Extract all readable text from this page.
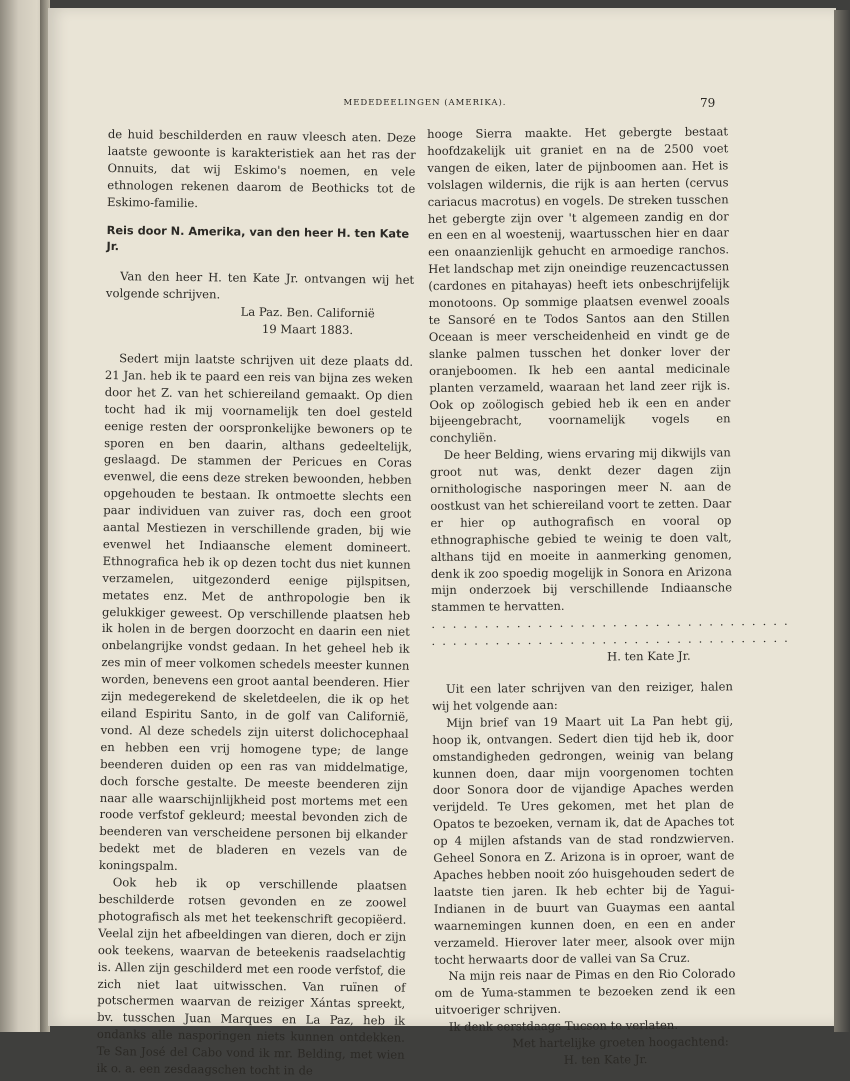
MEDEDEELINGEN (AMERIKA).	79

de huid beschilderden en rauw vleesch aten. Deze laatste gewoonte is karakteristiek aan het ras der Onnuits, dat wij Eskimo's noemen, en vele ethnologen rekenen daarom de Beothicks tot de Eskimo-familie.

Reis door N. Amerika, van den heer H. ten Kate Jr.

Van den heer H. ten Kate Jr. ontvangen wij het volgende schrijven.

La Paz. Ben. Californië

19 Maart 1883.

Sedert mijn laatste schrijven uit deze plaats dd. 21 Jan. heb ik te paard een reis van bijna zes weken door het Z. van het schiereiland gemaakt. Op dien tocht had ik mij voornamelijk ten doel gesteld eenige resten der oorspronkelijke bewoners op te sporen en ben daarin, althans gedeeltelijk, geslaagd. De stammen der Pericues en Coras evenwel, die eens deze streken bewoonden, hebben opgehouden te bestaan. Ik ontmoette slechts een paar individuen van zuiver ras, doch een groot aantal Mestiezen in verschillende graden, bij wie evenwel het Indiaansche element domineert. Ethnografica heb ik op dezen tocht dus niet kunnen verzamelen, uitgezonderd eenige pijlspitsen, metates enz. Met de anthropologie ben ik gelukkiger geweest. Op verschillende plaatsen heb ik holen in de bergen doorzocht en daarin een niet onbelangrijke vondst gedaan. In het geheel heb ik zes min of meer volkomen schedels meester kunnen worden, benevens een groot aantal beenderen. Hier zijn medegerekend de skeletdeelen, die ik op het eiland Espiritu Santo, in de golf van Californië, vond. Al deze schedels zijn uiterst dolichocephaal en hebben een vrij homogene type; de lange beenderen duiden op een ras van middelmatige, doch forsche gestalte. De meeste beenderen zijn naar alle waarschijnlijkheid post mortems met een roode verfstof gekleurd; meestal bevonden zich de beenderen van verscheidene personen bij elkander bedekt met de bladeren en vezels van de koningspalm.

Ook heb ik op verschillende plaatsen beschilderde rotsen gevonden en ze zoowel photografisch als met het teekenschrift gecopiëerd. Veelal zijn het afbeeldingen van dieren, doch er zijn ook teekens, waarvan de beteekenis raadselachtig is. Allen zijn geschilderd met een roode verfstof, die zich niet laat uitwisschen. Van ruïnen of potschermen waarvan de reiziger Xántas spreekt, bv. tusschen Juan Marques en La Paz, heb ik ondanks alle nasporingen niets kunnen ontdekken. Te San José del Cabo vond ik mr. Belding, met wien ik o. a. een zesdaagschen tocht in de

hooge Sierra maakte. Het gebergte bestaat hoofdzakelijk uit graniet en na de 2500 voet vangen de eiken, later de pijnboomen aan. Het is volslagen wildernis, die rijk is aan herten (cervus cariacus macrotus) en vogels. De streken tusschen het gebergte zijn over 't algemeen zandig en dor en een en al woestenij, waartusschen hier en daar een onaanzienlijk gehucht en armoedige ranchos. Het landschap met zijn oneindige reuzencactussen (cardones en pitahayas) heeft iets onbeschrijfelijk monotoons. Op sommige plaatsen evenwel zooals te Sansoré en te Todos Santos aan den Stillen Oceaan is meer verscheidenheid en vindt ge de slanke palmen tusschen het donker lover der oranjeboomen. Ik heb een aantal medicinale planten verzameld, waaraan het land zeer rijk is. Ook op zoölogisch gebied heb ik een en ander bijeengebracht, voornamelijk vogels en conchyliën.

De heer Belding, wiens ervaring mij dikwijls van groot nut was, denkt dezer dagen zijn ornithologische nasporingen meer N. aan de oostkust van het schiereiland voort te zetten. Daar er hier op authografisch en vooral op ethnographische gebied te weinig te doen valt, althans tijd en moeite in aanmerking genomen, denk ik zoo spoedig mogelijk in Sonora en Arizona mijn onderzoek bij verschillende Indiaansche stammen te hervatten.

..................................

..................................

H. ten Kate Jr.

Uit een later schrijven van den reiziger, halen wij het volgende aan:

Mijn brief van 19 Maart uit La Pan hebt gij, hoop ik, ontvangen. Sedert dien tijd heb ik, door omstandigheden gedrongen, weinig van belang kunnen doen, daar mijn voorgenomen tochten door Sonora door de vijandige Apaches werden verijdeld. Te Ures gekomen, met het plan de Opatos te bezoeken, vernam ik, dat de Apaches tot op 4 mijlen afstands van de stad rondzwierven. Geheel Sonora en Z. Arizona is in oproer, want de Apaches hebben nooit zóo huisgehouden sedert de laatste tien jaren. Ik heb echter bij de Yagui-Indianen in de buurt van Guaymas een aantal waarnemingen kunnen doen, en een en ander verzameld. Hierover later meer, alsook over mijn tocht herwaarts door de vallei van Sa Cruz.

Na mijn reis naar de Pimas en den Rio Colorado om de Yuma-stammen te bezoeken zend ik een uitvoeriger schrijven.

Ik denk eerstdaags Tucson te verlaten.

Met hartelijke groeten hoogachtend:

H. ten Kate Jr.
